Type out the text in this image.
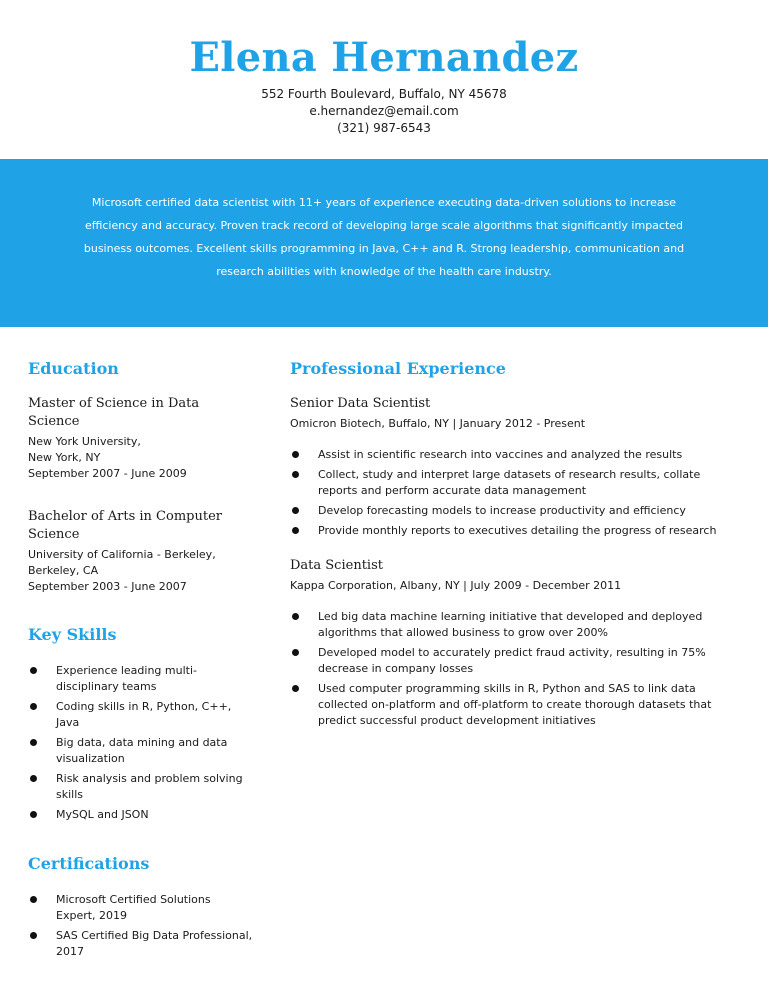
Elena Hernandez
552 Fourth Boulevard, Buffalo, NY 45678
e.hernandez@email.com
(321) 987-6543

Microsoft certified data scientist with 11+ years of experience executing data-driven solutions to increase efficiency and accuracy. Proven track record of developing large scale algorithms that significantly impacted business outcomes. Excellent skills programming in Java, C++ and R. Strong leadership, communication and research abilities with knowledge of the health care industry.

Education
Master of Science in Data Science
New York University,
New York, NY
September 2007 - June 2009
Bachelor of Arts in Computer Science
University of California - Berkeley,
Berkeley, CA
September 2003 - June 2007
Key Skills
Experience leading multi-disciplinary teams
Coding skills in R, Python, C++, Java
Big data, data mining and data visualization
Risk analysis and problem solving skills
MySQL and JSON
Certifications
Microsoft Certified Solutions Expert, 2019
SAS Certified Big Data Professional, 2017
Professional Experience
Senior Data Scientist
Omicron Biotech, Buffalo, NY | January 2012 - Present
Assist in scientific research into vaccines and analyzed the results
Collect, study and interpret large datasets of research results, collate reports and perform accurate data management
Develop forecasting models to increase productivity and efficiency
Provide monthly reports to executives detailing the progress of research
Data Scientist
Kappa Corporation, Albany, NY | July 2009 - December 2011
Led big data machine learning initiative that developed and deployed algorithms that allowed business to grow over 200%
Developed model to accurately predict fraud activity, resulting in 75% decrease in company losses
Used computer programming skills in R, Python and SAS to link data collected on-platform and off-platform to create thorough datasets that predict successful product development initiatives
